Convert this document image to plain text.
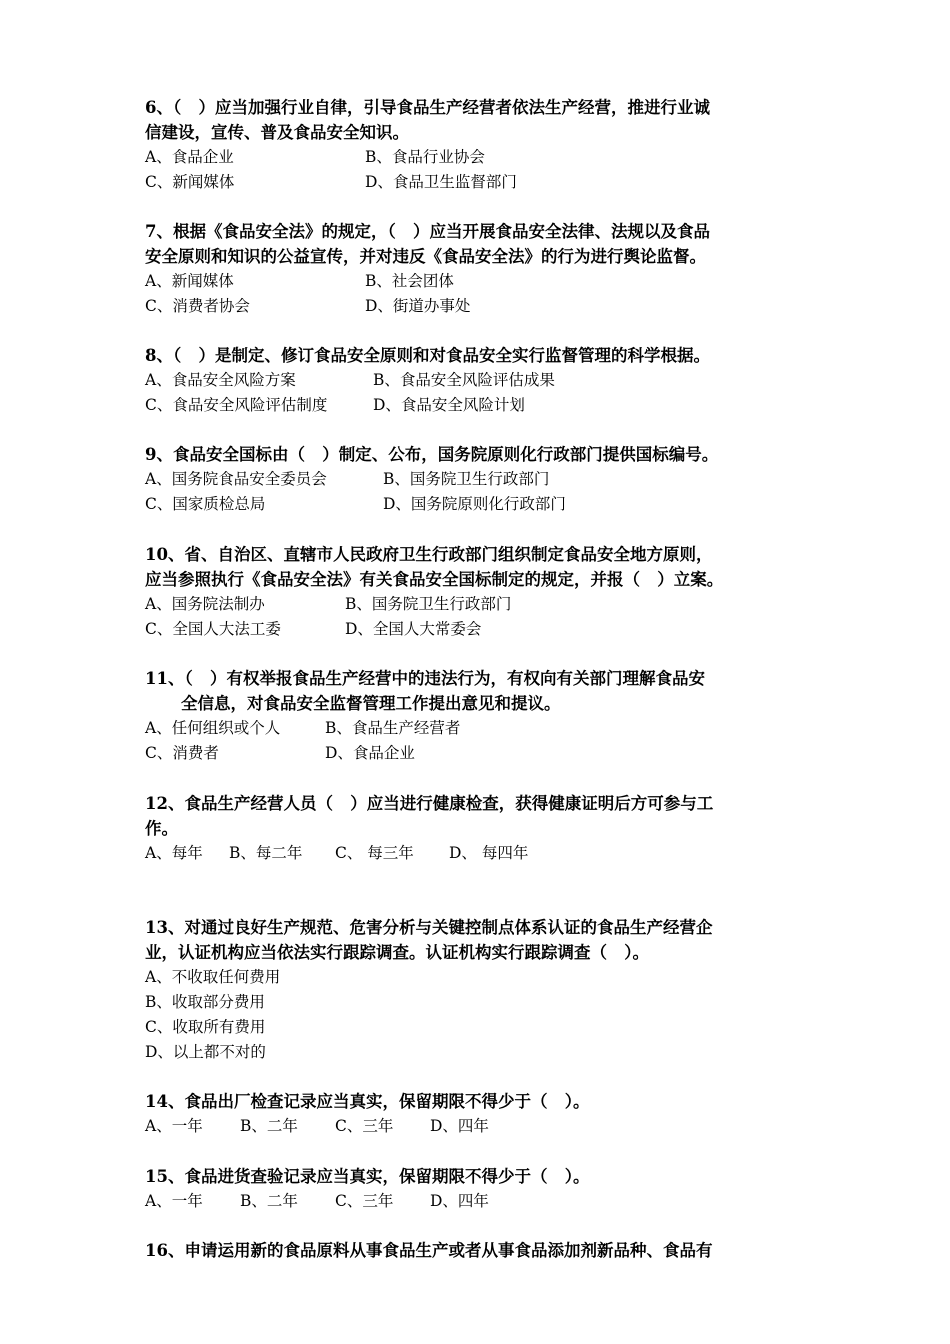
6、（   ）应当加强行业自律，引导食品生产经营者依法生产经营，推进行业诚
信建设，宣传、普及食品安全知识。

A、食品企业	B、食品行业协会
C、新闻媒体	D、食品卫生监督部门

7、根据《食品安全法》的规定，（   ）应当开展食品安全法律、法规以及食品
安全原则和知识的公益宣传，并对违反《食品安全法》的行为进行舆论监督。

A、新闻媒体	B、社会团体
C、消费者协会	D、街道办事处

8、（   ）是制定、修订食品安全原则和对食品安全实行监督管理的科学根据。

A、食品安全风险方案	B、食品安全风险评估成果
C、食品安全风险评估制度	D、食品安全风险计划

9、食品安全国标由（   ）制定、公布，国务院原则化行政部门提供国标编号。

A、国务院食品安全委员会	B、国务院卫生行政部门
C、国家质检总局	D、国务院原则化行政部门

10、省、自治区、直辖市人民政府卫生行政部门组织制定食品安全地方原则，
应当参照执行《食品安全法》有关食品安全国标制定的规定，并报（   ）立案。

A、国务院法制办	B、国务院卫生行政部门
C、全国人大法工委	D、全国人大常委会

11、（   ）有权举报食品生产经营中的违法行为，有权向有关部门理解食品安
全信息，对食品安全监督管理工作提出意见和提议。

A、任何组织或个人	B、食品生产经营者
C、消费者	D、食品企业

12、食品生产经营人员（   ）应当进行健康检查，获得健康证明后方可参与工
作。

A、每年	B、每二年	C、 每三年	D、 每四年

13、对通过良好生产规范、危害分析与关键控制点体系认证的食品生产经营企
业，认证机构应当依法实行跟踪调查。认证机构实行跟踪调查（   ）。

A、不收取任何费用
B、收取部分费用
C、收取所有费用
D、以上都不对的

14、食品出厂检查记录应当真实，保留期限不得少于（   ）。

A、一年	B、二年	C、三年	D、四年

15、食品进货查验记录应当真实，保留期限不得少于（   ）。

A、一年	B、二年	C、三年	D、四年

16、申请运用新的食品原料从事食品生产或者从事食品添加剂新品种、食品有
